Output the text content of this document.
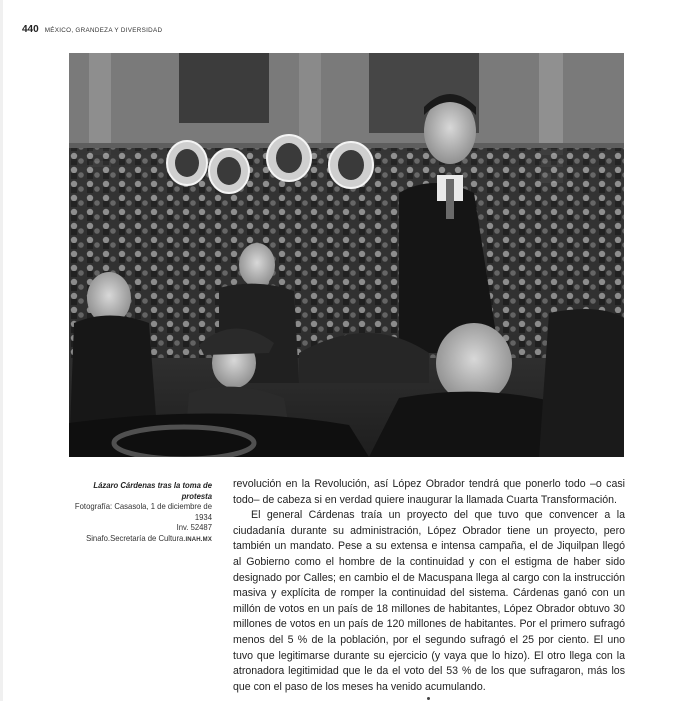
440 MÉXICO, GRANDEZA Y DIVERSIDAD
Lázaro Cárdenas tras la toma de protesta
Fotografía: Casasola, 1 de diciembre de 1934
Inv. 52487
Sinafo.Secretaría de Cultura.INAH.MX

revolución en la Revolución, así López Obrador tendrá que ponerlo todo –o casi todo– de cabeza si en verdad quiere inaugurar la llamada Cuarta Transformación.

El general Cárdenas traía un proyecto del que tuvo que convencer a la ciudadanía durante su administración, López Obrador tiene un proyecto, pero también un mandato. Pese a su extensa e intensa campaña, el de Jiquilpan llegó al Gobierno como el hombre de la continuidad y con el estigma de haber sido designado por Calles; en cambio el de Macuspana llega al cargo con la instrucción masiva y explícita de romper la continuidad del sistema. Cárdenas ganó con un millón de votos en un país de 18 millones de habitantes, López Obrador obtuvo 30 millones de votos en un país de 120 millones de habitantes. Por el primero sufragó menos del 5 % de la población, por el segundo sufragó el 25 por ciento. El uno tuvo que legitimarse durante su ejercicio (y vaya que lo hizo). El otro llega con la atronadora legitimidad que le da el voto del 53 % de los que sufragaron, más los que con el paso de los meses ha venido acumulando.
